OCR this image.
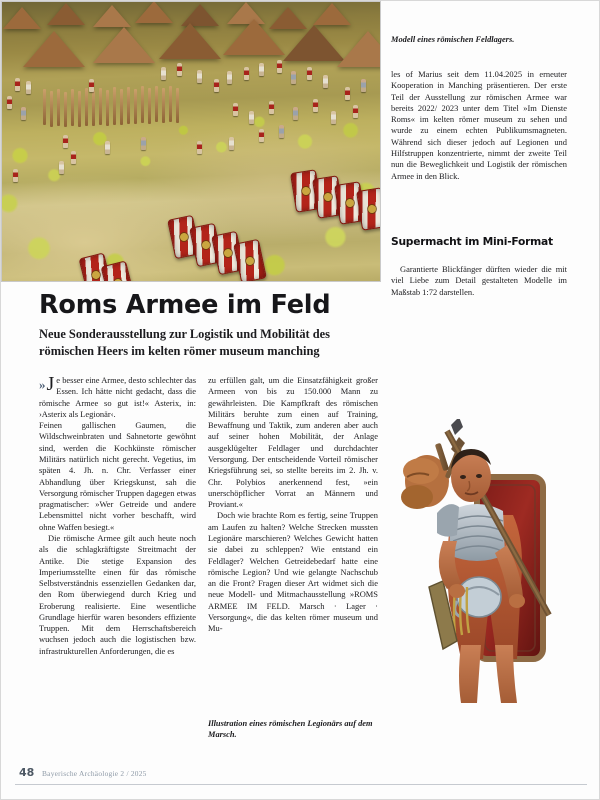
Modell eines römischen Feldlagers.

les of Marius seit dem 11.04.2025 in erneuter Kooperation in Manching präsentieren. Der erste Teil der Ausstellung zur römischen Armee war bereits 2022/ 2023 unter dem Titel »Im Dienste Roms« im kelten römer museum zu sehen und wurde zu einem echten Publikumsmagneten. Während sich dieser jedoch auf Legionen und Hilfstruppen konzentrierte, nimmt der zweite Teil nun die Beweglichkeit und Logistik der römischen Armee in den Blick.

Supermacht im Mini-Format

Garantierte Blickfänger dürften wieder die mit viel Liebe zum Detail gestalteten Modelle im Maßstab 1:72 darstellen.

Roms Armee im Feld
Neue Sonderausstellung zur Logistik und Mobilität des römischen Heers im kelten römer museum manching

» J e besser eine Armee, desto schlechter das Essen. Ich hätte nicht gedacht, dass die römische Armee so gut ist!« Asterix, in: ›Asterix als Legionär‹.

Feinen gallischen Gaumen, die Wildschweinbraten und Sahnetorte gewöhnt sind, werden die Kochkünste römischer Militärs natürlich nicht gerecht. Vegetius, im späten 4. Jh. n. Chr. Verfasser einer Abhandlung über Kriegskunst, sah die Versorgung römischer Truppen dagegen etwas pragmatischer: »Wer Getreide und andere Lebensmittel nicht vorher beschafft, wird ohne Waffen besiegt.«

Die römische Armee gilt auch heute noch als die schlagkräftigste Streitmacht der Antike. Die stetige Expansion des Imperiumsstellte einen für das römische Selbstverständnis essenziellen Gedanken dar, den Rom überwiegend durch Krieg und Eroberung realisierte. Eine wesentliche Grundlage hierfür waren besonders effiziente Truppen. Mit dem Herrschaftsbereich wuchsen jedoch auch die logistischen bzw. infrastrukturellen Anforderungen, die es

zu erfüllen galt, um die Einsatzfähigkeit großer Armeen von bis zu 150.000 Mann zu gewährleisten. Die Kampfkraft des römischen Militärs beruhte zum einen auf Training, Bewaffnung und Taktik, zum anderen aber auch auf seiner hohen Mobilität, der Anlage ausgeklügelter Feldlager und durchdachter Versorgung. Der entscheidende Vorteil römischer Kriegsführung sei, so stellte bereits im 2. Jh. v. Chr. Polybios anerkennend fest, »ein unerschöpflicher Vorrat an Männern und Proviant.«

Doch wie brachte Rom es fertig, seine Truppen am Laufen zu halten? Welche Strecken mussten Legionäre marschieren? Welches Gewicht hatten sie dabei zu schleppen? Wie entstand ein Feldlager? Welchen Getreidebedarf hatte eine römische Legion? Und wie gelangte Nachschub an die Front? Fragen dieser Art widmet sich die neue Modell- und Mitmachausstellung »ROMS ARMEE IM FELD. Marsch · Lager · Versorgung«, die das kelten römer museum und Mu-

Illustration eines römischen Legionärs auf dem Marsch.
48 Bayerische Archäologie 2 / 2025
